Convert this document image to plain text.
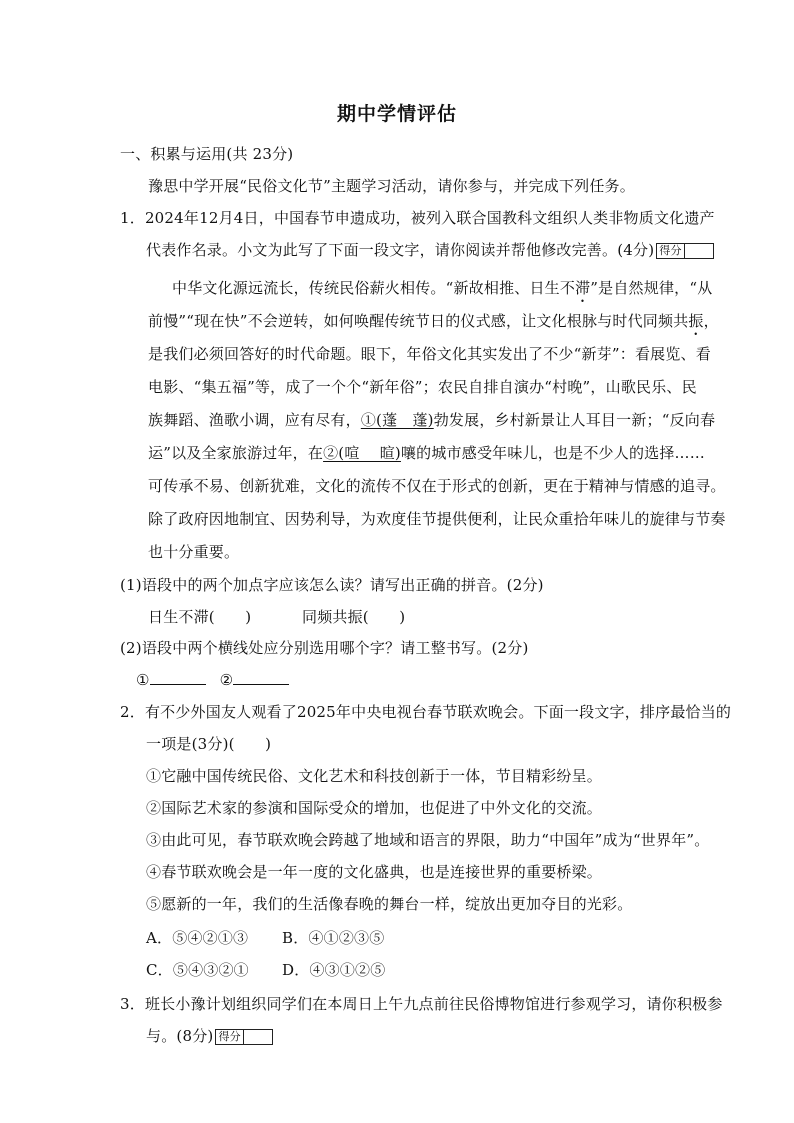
期中学情评估
一、积累与运用(共 23分)
豫思中学开展“民俗文化节”主题学习活动，请你参与，并完成下列任务。
1．2024年12月4日，中国春节申遗成功，被列入联合国教科文组织人类非物质文化遗产
代表作名录。小文为此写了下面一段文字，请你阅读并帮他修改完善。(4分) 得分
中华文化源远流长，传统民俗薪火相传。“新故相推、日生不滞”是自然规律，“从
前慢”“现在快”不会逆转，如何唤醒传统节日的仪式感，让文化根脉与时代同频共振，
是我们必须回答好的时代命题。眼下，年俗文化其实发出了不少“新芽”：看展览、看
电影、“集五福”等，成了一个个“新年俗”；农民自排自演办“村晚”，山歌民乐、民
族舞蹈、渔歌小调，应有尽有，①(蓬　蓬)勃发展，乡村新景让人耳目一新；“反向春
运”以及全家旅游过年，在②(喧　 暄)嚷的城市感受年味儿，也是不少人的选择……
可传承不易、创新犹难，文化的流传不仅在于形式的创新，更在于精神与情感的追寻。
除了政府因地制宜、因势利导，为欢度佳节提供便利，让民众重拾年味儿的旋律与节奏
也十分重要。
(1)语段中的两个加点字应该怎么读？请写出正确的拼音。(2分)
日生不滞(　　)	同频共振(　　)
(2)语段中两个横线处应分别选用哪个字？请工整书写。(2分)
①	②
2．有不少外国友人观看了2025年中央电视台春节联欢晚会。下面一段文字，排序最恰当的
一项是(3分)(　　)
①它融中国传统民俗、文化艺术和科技创新于一体，节目精彩纷呈。
②国际艺术家的参演和国际受众的增加，也促进了中外文化的交流。
③由此可见，春节联欢晚会跨越了地域和语言的界限，助力“中国年”成为“世界年”。
④春节联欢晚会是一年一度的文化盛典，也是连接世界的重要桥梁。
⑤愿新的一年，我们的生活像春晚的舞台一样，绽放出更加夺目的光彩。
A．⑤④②①③ B．④①②③⑤
C．⑤④③②① D．④③①②⑤
3．班长小豫计划组织同学们在本周日上午九点前往民俗博物馆进行参观学习，请你积极参
与。(8分) 得分
